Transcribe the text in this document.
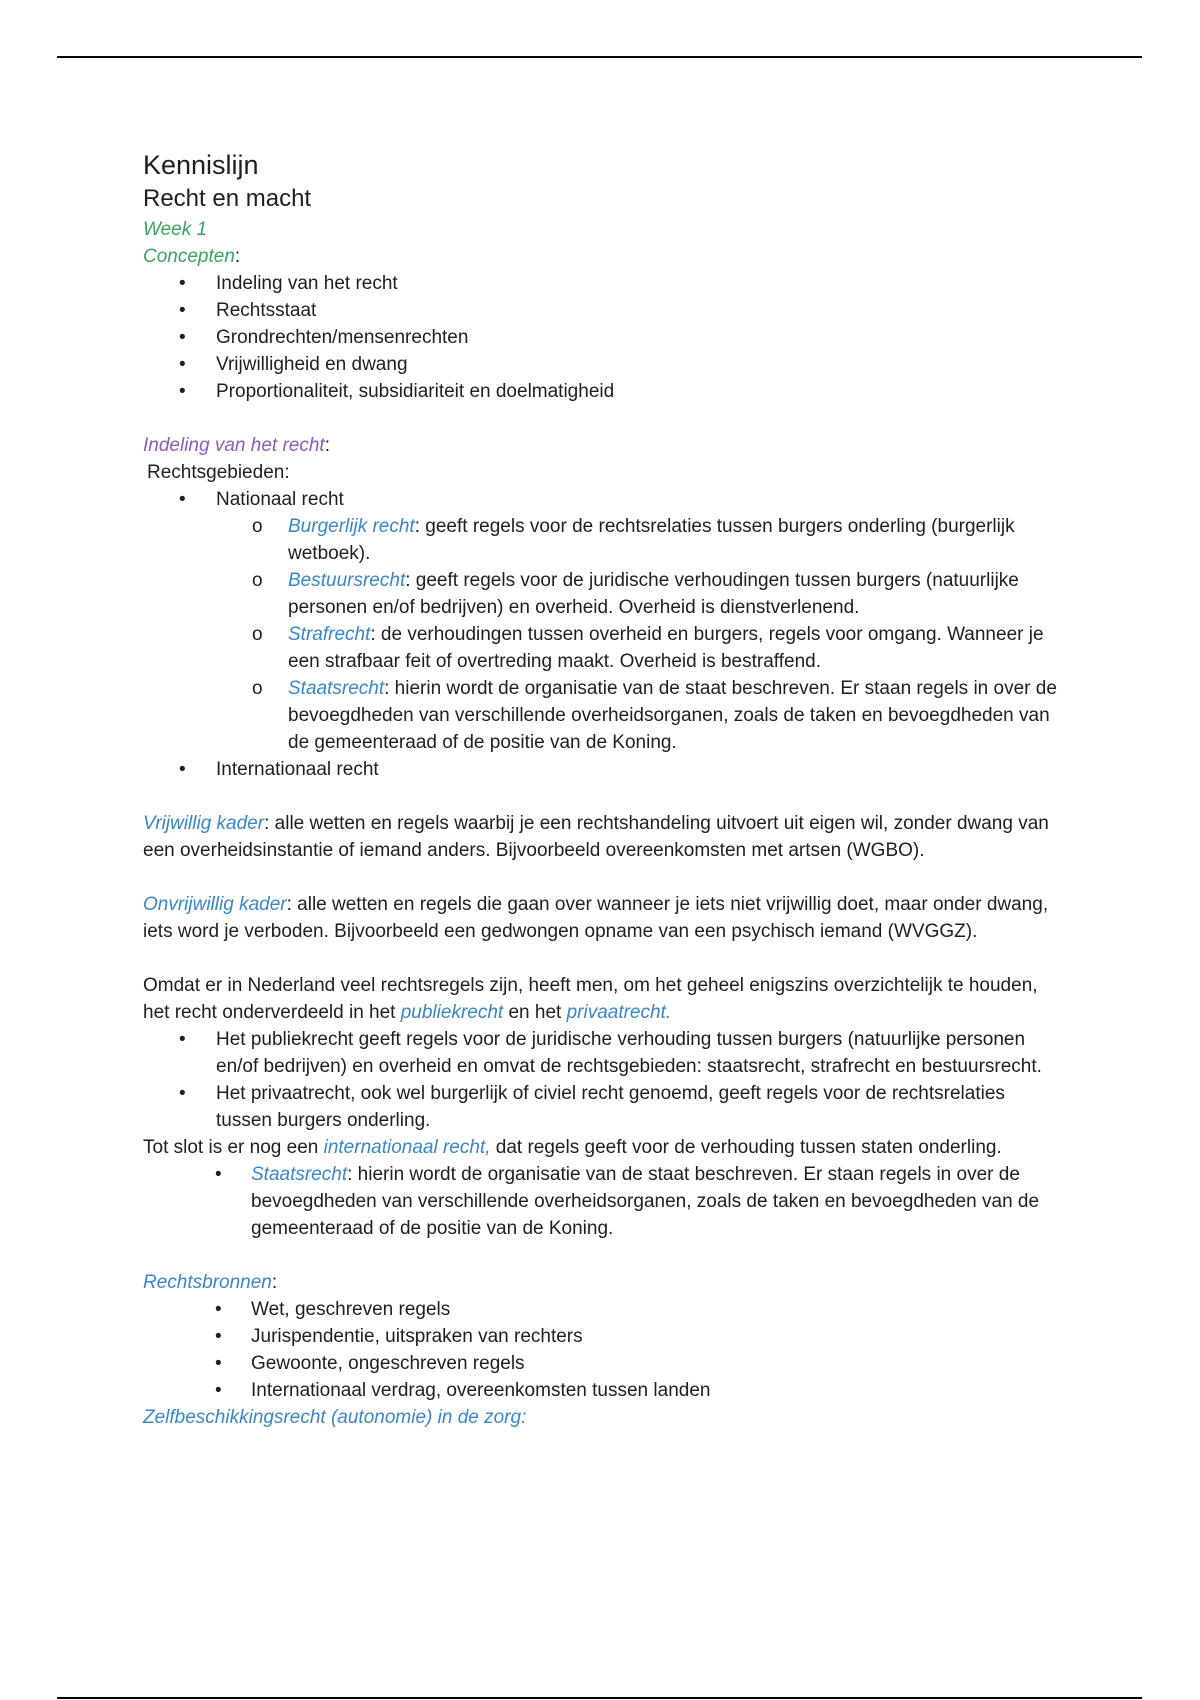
Kennislijn

Recht en macht

Week 1

Concepten:

• Indeling van het recht
• Rechtsstaat
• Grondrechten/mensenrechten
• Vrijwilligheid en dwang
• Proportionaliteit, subsidiariteit en doelmatigheid

Indeling van het recht:

Rechtsgebieden:

• Nationaal recht
o Burgerlijk recht: geeft regels voor de rechtsrelaties tussen burgers onderling (burgerlijk wetboek).
o Bestuursrecht: geeft regels voor de juridische verhoudingen tussen burgers (natuurlijke personen en/of bedrijven) en overheid. Overheid is dienstverlenend.
o Strafrecht: de verhoudingen tussen overheid en burgers, regels voor omgang. Wanneer je een strafbaar feit of overtreding maakt. Overheid is bestraffend.
o Staatsrecht: hierin wordt de organisatie van de staat beschreven. Er staan regels in over de bevoegdheden van verschillende overheidsorganen, zoals de taken en bevoegdheden van de gemeenteraad of de positie van de Koning.
• Internationaal recht

Vrijwillig kader: alle wetten en regels waarbij je een rechtshandeling uitvoert uit eigen wil, zonder dwang van een overheidsinstantie of iemand anders. Bijvoorbeeld overeenkomsten met artsen (WGBO).

Onvrijwillig kader: alle wetten en regels die gaan over wanneer je iets niet vrijwillig doet, maar onder dwang, iets word je verboden. Bijvoorbeeld een gedwongen opname van een psychisch iemand (WVGGZ).

Omdat er in Nederland veel rechtsregels zijn, heeft men, om het geheel enigszins overzichtelijk te houden, het recht onderverdeeld in het publiekrecht en het privaatrecht.

• Het publiekrecht geeft regels voor de juridische verhouding tussen burgers (natuurlijke personen en/of bedrijven) en overheid en omvat de rechtsgebieden: staatsrecht, strafrecht en bestuursrecht.
• Het privaatrecht, ook wel burgerlijk of civiel recht genoemd, geeft regels voor de rechtsrelaties tussen burgers onderling.

Tot slot is er nog een internationaal recht, dat regels geeft voor de verhouding tussen staten onderling.

• Staatsrecht: hierin wordt de organisatie van de staat beschreven. Er staan regels in over de bevoegdheden van verschillende overheidsorganen, zoals de taken en bevoegdheden van de gemeenteraad of de positie van de Koning.

Rechtsbronnen:

• Wet, geschreven regels
• Jurispendentie, uitspraken van rechters
• Gewoonte, ongeschreven regels
• Internationaal verdrag, overeenkomsten tussen landen

Zelfbeschikkingsrecht (autonomie) in de zorg:
